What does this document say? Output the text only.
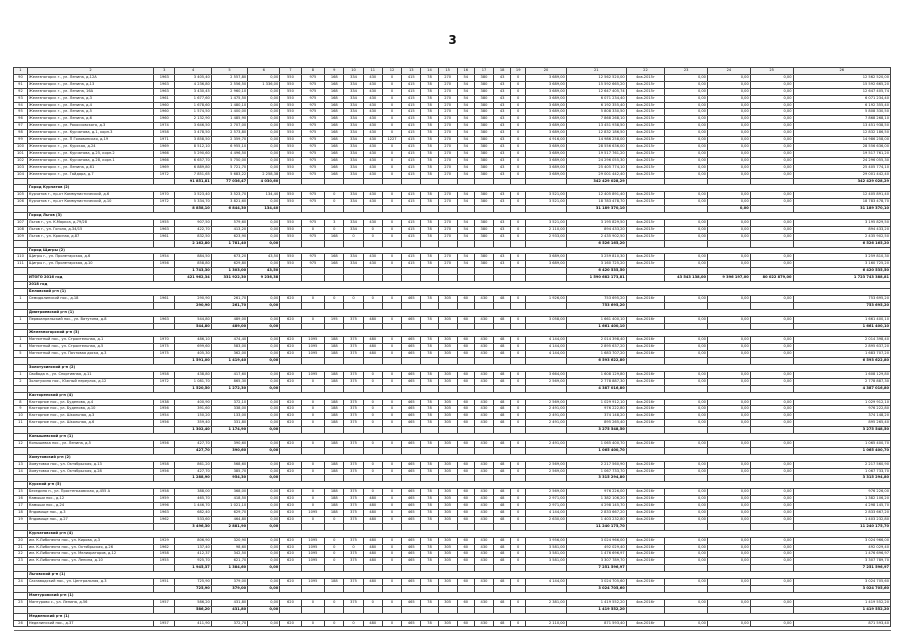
3
1	2	3	4	5	6	7	8	9	10	11	12	13	14	15	16	17	18	19	20	21	22	23	24	25	26
90	Железногорск г., ул. Ленина, д.12А	1963	3 405,40	2 557,80	0,00	550	975	168	334	430	0	415	78	270	54	380	43	0	3 689,00	12 562 520,00	4кв.2015г	0,00	0,00	0,00	12 562 520,00
91	Железногорск г., ул. Ленина, д.13	1963	4 236,80	2 556,50	1 336,00	550	975	168	334	430	0	415	78	270	54	380	43	0	3 689,00	15 592 665,20	4кв.2015г	0,00	0,00	0,00	15 592 665,20
92	Железногорск г., ул. Ленина, 16А	1963	3 430,45	2 960,10	0,00	550	975	168	334	430	0	415	78	270	54	380	43	0	3 689,00	12 647 405,74	4кв.2015г	0,00	0,00	0,00	12 647 405,74
93	Железногорск г., ул. Ленина, д.3	1961	1 677,60	1 475,50	0,00	550	975	168	334	430	0	415	78	270	54	380	43	0	3 689,00	6 071 234,40	4кв.2015г	0,00	0,00	0,00	6 071 234,40
94	Железногорск г., ул. Ленина, д.4	1960	1 678,60	1 480,10	0,00	550	975	168	334	430	0	415	78	270	54	380	43	0	3 689,00	6 192 355,40	4кв.2015г	0,00	0,00	0,00	6 192 355,40
95	Железногорск г., ул. Ленина, д.5	1960	1 574,50	1 400,00	0,00	550	975	168	334	430	0	415	78	270	54	380	43	0	3 689,00	5 808 330,50	4кв.2015г	0,00	0,00	0,00	5 808 330,50
96	Железногорск г., ул. Ленина, д.6	1960	2 132,90	1 485,90	0,00	550	975	168	334	430	0	415	78	270	54	380	43	0	3 689,00	7 868 268,10	4кв.2015г	0,00	0,00	0,00	7 868 268,10
97	Железногорск г., ул. Рокоссовского, д.3	1974	3 646,50	2 707,00	0,00	550	975	168	334	430	0	415	78	270	54	380	43	0	3 689,00	13 451 938,50	4кв.2015г	0,00	0,00	0,00	13 451 938,50
98	Железногорск г., ул. Курчатова, д.1, корп.3	1958	3 478,50	2 573,80	0,00	550	975	168	334	430	0	415	78	270	54	380	43	0	3 689,00	12 832 186,50	4кв.2015г	0,00	0,00	0,00	12 832 186,50
99	Железногорск г., ул. П Головинская, д.19	1971	3 858,50	2 359,70	0,00	550	975	168	334	430	1227	415	78	270	54	380	43	0	4 916,00	14 986 258,00	4кв.2015г	0,00	0,00	0,00	14 986 258,00
100	Железногорск г., ул. Курская, д.24	1969	8 512,10	6 955,10	0,00	550	975	168	334	430	0	415	78	270	54	380	43	0	3 689,00	28 556 636,00	4кв.2015г	0,00	0,00	0,00	28 556 636,00
101	Железногорск г., ул. Курчатова, д.25, корп.2	1966	5 290,60	4 496,50	0,00	550	975	168	334	430	0	415	78	270	54	380	43	0	3 689,00	19 517 761,20	4кв.2015г	0,00	0,00	0,00	19 517 761,20
102	Железногорск г., ул. Курчатова, д.28, корп.1	1966	6 657,70	5 750,00	0,00	550	975	168	334	430	0	415	78	270	54	380	43	0	3 689,00	24 296 055,30	4кв.2015г	0,00	0,00	0,00	24 296 055,30
103	Железногорск г., ул. Ленина, д.61	1969	6 889,80	5 721,70	0,00	550	975	168	334	430	0	415	78	270	54	380	43	0	3 689,00	25 405 774,10	4кв.2015г	0,00	0,00	0,00	25 405 774,10
104	Железногорск г., ул. Гайдара, д.7	1972	7 851,65	5 683,22	2 258,38	550	975	168	334	430	0	415	78	270	54	380	43	0	3 689,00	29 001 442,40	4кв.2015г	0,00	0,00	0,00	29 001 442,40
			91 851,81	77 036,47	4 030,60															342 429 028,29					342 429 028,29
	Город Курчатов (2)																								
105	Курчатов г., пр-кт Коммунистический, д.6	1970	3 523,40	3 523,70	134,40	550	975	0	334	430	0	415	78	270	54	380	43	0	3 521,00	12 405 891,40	4кв.2015г	0,00	0,00	0,00	12 405 891,40
106	Курчатов г., пр-кт Коммунистический, д.10	1972	5 334,70	3 821,60	0,00	550	975	0	334	430	0	415	78	270	54	380	43	0	3 521,00	18 783 478,70	4кв.2015г	0,00	0,00	0,00	18 783 478,70
			8 858,10	6 844,30	134,40															31 189 370,10			0,00		31 189 370,10
	Город Льгов (3)																								
107	Льгов г., ул. К.Маркса, д.79/28	1955	907,50	579,60	0,00	550	975	3	334	430	0	415	78	270	54	380	43	0	3 521,00	3 195 829,50	4кв.2015г	0,00	0,00	0,00	3 195 829,50
108	Льгов г., ул. Гоголя, д.34/15	1963	422,70	413,20	0,00	550	0	0	334	0	0	415	78	270	54	380	43	0	2 110,00	894 433,20	4кв.2015г	0,00	0,00	0,00	894 433,20
109	Льгов г., ул. Красная, д.87	1961	832,50	623,90	0,00	550	975	168	0	0	0	415	78	270	54	380	43	0	2 933,00	2 435 902,50	4кв.2015г	0,00	0,00	0,00	2 435 902,50
			2 162,80	1 781,40	0,00															6 526 165,20					6 526 165,20
	Город Щигры (2)																								
110	Щигры г., ул. Пролетарская, д.6	1954	884,50	673,20	43,50	550	975	168	334	430	0	415	78	270	54	380	43	0	3 689,00	3 259 810,30	4кв.2015г	0,00	0,00	0,00	3 259 810,30
111	Щигры г., ул. Пролетарская, д.10	1956	858,80	629,80	0,00	550	975	168	334	430	0	415	78	270	54	380	43	0	3 689,00	3 160 725,20	4кв.2015г	0,00	0,00	0,00	3 160 725,20
			1 743,30	1 303,00	43,50															6 420 535,50					6 420 535,50
	ИТОГО 2016 год		421 962,34	331 922,30	9 236,38															1 590 682 173,81		43 543 138,00	9 396 197,00	80 022 879,00	1 723 743 388,81
	2018 год																								
	Беловский р-н (1)																								
1	Семидолинский пос., д.18	1961	290,90	261,70	0,00	620	0	0	0	0	0	465	78	305	60	430	48	0	1 926,00	753 695,20	4кв.2016г	0,00	0,00	0,00	753 695,20
			290,90	261,70	0,00															753 695,20					753 695,20
	Дмитриевский р-н (1)																								
1	Первоапрельский пос., ул. Ватутина, д.8	1963	544,80	489,00	0,00	620	0	195	375	480	0	465	78	305	60	430	48	0	3 058,00	1 661 400,10	4кв.2016г	0,00	0,00	0,00	1 661 400,10
			544,80	489,00	0,00															1 661 400,10					1 661 400,10
	Железногорский р-н (3)																								
1	Магнитный пос., ул. Строительная, д.1	1970	486,10	474,40	0,00	620	1095	188	375	480	0	465	78	305	60	430	48	0	4 144,00	2 014 398,40	4кв.2016г	0,00	0,00	0,00	2 014 398,40
4	Магнитный пос., ул. Строительная, д.5	1975	699,60	583,00	0,00	620	1095	188	375	480	0	465	78	305	60	430	48	0	4 144,00	2 895 637,20	4кв.2016г	0,00	0,00	0,00	2 895 637,20
5	Магнитный пос., ул. Почтовая доска, д.3	1975	405,30	362,00	0,00	620	1095	188	375	480	0	465	78	305	60	430	48	0	4 144,00	1 683 707,20	4кв.2016г	0,00	0,00	0,00	1 683 707,20
			1 591,00	1 419,40	0,00															6 593 622,80					6 593 622,80
	Золотухинский р-н (2)																								
1	Свобода п., ул. Спортивная, д.11	1958	438,80	417,60	0,00	620	1095	188	375	0	0	465	78	305	60	430	48	0	3 664,00	1 608 129,80	4кв.2016г	0,00	0,00	0,00	1 608 129,80
2	Золотухино пос., Южный переулок, д.12	1972	1 081,70	865,30	0,00	620	0	188	375	0	0	465	78	305	60	430	48	0	2 569,00	2 778 887,30	4кв.2016г	0,00	0,00	0,00	2 778 887,30
			1 520,50	1 272,30	0,00															4 387 016,80					4 387 016,80
	Касторенский р-н (4)																								
8	Касторное пос., ул. Буденова, д.4	1938	400,90	372,10	0,00	620	0	188	375	0	0	465	78	305	60	430	48	0	2 569,00	1 029 912,10	4кв.2016г	0,00	0,00	0,00	1 029 912,10
9	Касторное пос., ул. Буденова, д.10	1956	391,60	338,00	0,00	620	0	188	375	0	0	465	78	305	60	430	48	0	2 491,00	976 222,80	4кв.2016г	0,00	0,00	0,00	976 222,80
10	Касторное пос., ул. Школьная, д.3	1954	150,20	133,00	0,00	620	0	188	375	0	0	465	78	305	60	430	48	0	2 491,00	374 148,20	4кв.2016г	0,00	0,00	0,00	374 148,20
11	Касторное пос., ул. Школьная, д.6	1956	359,40	331,80	0,00	620	0	188	375	0	0	465	78	305	60	430	48	0	2 491,00	895 265,40	4кв.2016г	0,00	0,00	0,00	895 265,40
			1 302,40	1 174,90	0,00															3 275 548,50					3 275 548,50
	Конышевский р-н (1)																								
12	Конышевка пос., ул. Ленина, д.5	1956	427,70	390,60	0,00	620	0	188	375	0	0	465	78	305	60	430	48	0	2 491,00	1 065 400,70	4кв.2016г	0,00	0,00	0,00	1 065 400,70
			427,70	390,60	0,00															1 065 400,70					1 065 400,70
	Хомутовский р-н (2)																								
13	Хомутовка пос., ул. Октябрьская, д.13	1958	861,20	568,60	0,00	620	0	188	375	0	0	465	78	305	60	430	48	0	2 569,00	2 217 560,90	4кв.2016г	0,00	0,00	0,00	2 217 560,90
14	Хомутовка пос., ул. Октябрьская, д.28	1956	427,70	385,70	0,00	620	0	188	375	0	0	465	78	305	60	430	48	0	2 569,00	1 067 733,70	4кв.2016г	0,00	0,00	0,00	1 067 733,70
			1 288,90	954,30	0,00															3 315 294,80					3 315 294,80
	Курский р-н (5)																								
15	Беседино п., ул. Простеньковская, д.455 А	1958	388,00	368,00	0,00	620	0	188	375	0	0	465	78	305	60	430	48	0	2 569,00	976 226,00	4кв.2016г	0,00	0,00	0,00	976 226,00
16	Камыши пос., д.12	1959	465,70	418,50	0,00	620	0	188	375	480	0	465	78	305	60	430	48	0	2 971,00	1 382 106,20	4кв.2016г	0,00	0,00	0,00	1 382 106,20
17	Камыши пос., д.24	1996	1 446,70	1 021,10	0,00	620	0	188	375	480	0	465	78	305	60	430	48	0	2 971,00	4 298 145,70	4кв.2016г	0,00	0,00	0,00	4 298 145,70
18	Яндовище пос., д.3	1963	682,40	629,70	0,00	620	1095	188	375	480	0	465	78	305	60	430	48	0	4 144,00	2 833 667,20	4кв.2016г	0,00	0,00	0,00	2 833 667,20
19	Яндовище пос., д.27	1962	533,60	464,80	0,00	620	0	0	375	480	0	465	78	305	60	430	48	0	2 630,00	1 403 232,80	4кв.2016г	0,00	0,00	0,00	1 403 232,80
			3 496,30	2 881,90	0,00															11 240 175,70					11 240 175,70
	Курчатовский р-н (4)																								
20	им. К.Либкнехта пос., ул. Кирова, д.3	1929	806,90	320,90	0,00	620	1095	0	375	480	0	465	78	305	60	430	48	0	3 956,00	3 024 966,00	4кв.2016г	0,00	0,00	0,00	3 024 966,00
21	им. К.Либкнехта пос., ул. Октябрьская, д.26	1962	137,40	98,60	0,00	620	1095	0	0	480	0	465	78	305	60	430	48	0	3 581,00	492 029,40	4кв.2016г	0,00	0,00	0,00	492 029,40
22	им. К.Либкнехта пос., ул. Мелиораторов, д.12	1958	412,37	342,50	0,00	620	1095	0	375	480	0	465	78	305	60	430	48	0	3 581,00	1 476 696,97	4кв.2016г	0,00	0,00	0,00	1 476 696,97
23	им. К.Либкнехта пос., ул. Ленина, д.10	1955	925,70	621,70	0,00	620	1095	0	375	480	0	465	78	305	60	430	48	0	3 581,00	3 307 789,70	4кв.2016г	0,00	0,00	0,00	3 307 789,70
			1 945,37	1 384,60	0,00															7 251 596,97					7 251 596,97
	Льговский р-н (1)																								
24	Сахзаводский пос., ул. Центральная, д.3	1951	725,90	379,00	0,00	620	1095	188	375	480	0	465	78	305	60	430	48	0	4 144,00	3 024 705,60	4кв.2016г	0,00	0,00	0,00	3 024 705,60
			725,90	379,00	0,00															3 024 705,60					3 024 705,60
	Мантуровский р-н (1)																								
25	Мантурово с., ул. Ленина, д.56	1957	586,20	431,80	0,00	620	0	0	375	0	0	465	78	305	60	430	48	0	2 381,00	1 419 552,20	4кв.2016г	0,00	0,00	0,00	1 419 552,20
			586,20	431,80	0,00															1 419 552,20					1 419 552,20
	Медвенский р-н (1)																								
26	Неделинский пос., д.37	1957	411,90	372,70	0,00	620	0	0	0	480	0	465	78	305	60	430	48	0	2 110,00	871 593,40	4кв.2016г	0,00	0,00	0,00	871 593,40
